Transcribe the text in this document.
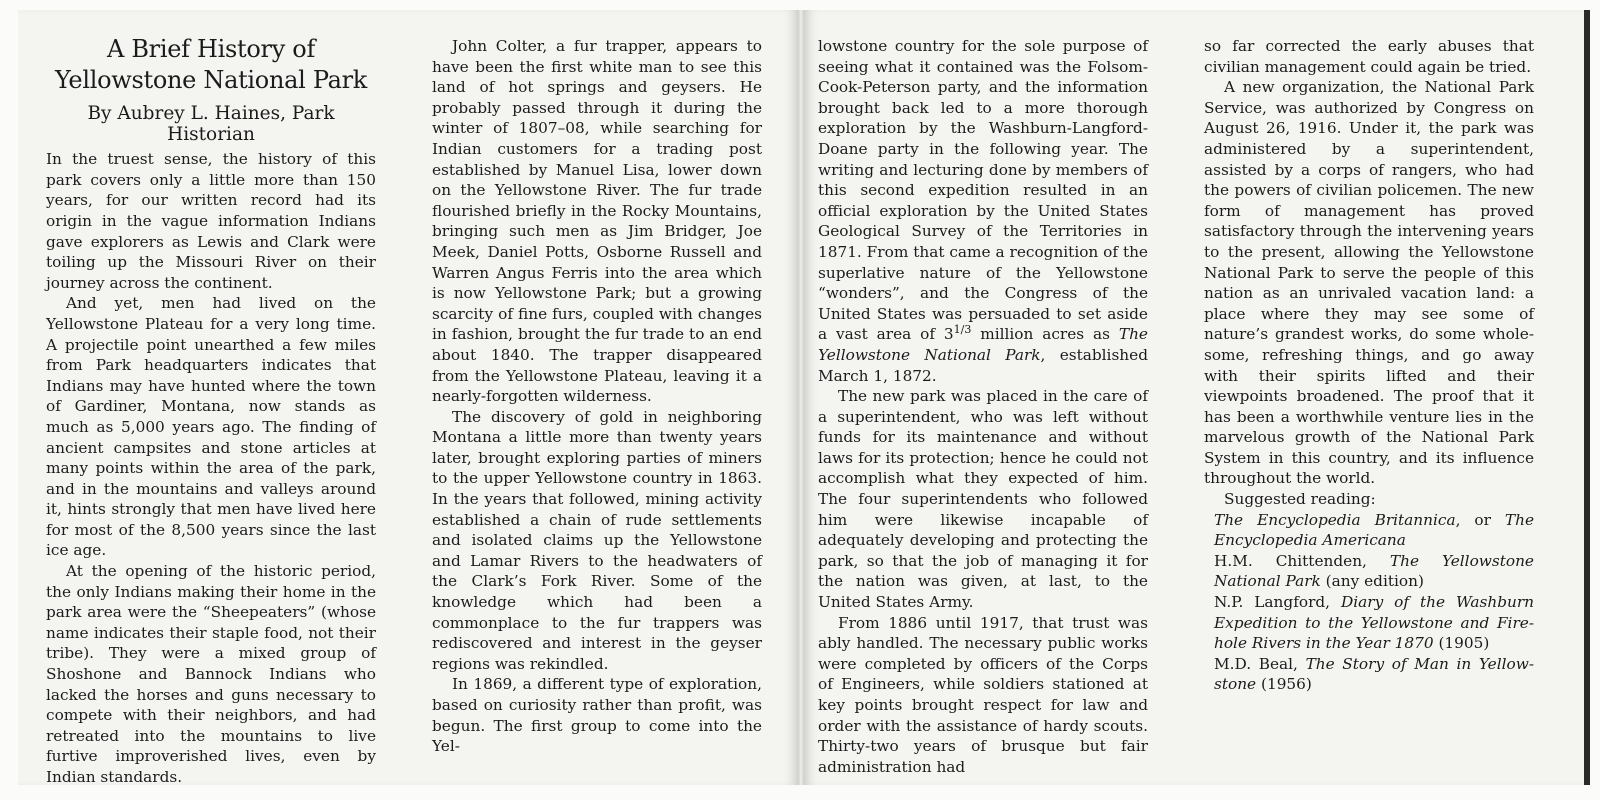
A Brief History of
Yellowstone National Park
By Aubrey L. Haines, Park Historian

In the truest sense, the history of this park covers only a little more than 150 years, for our written record had its origin in the vague information Indians gave explorers as Lewis and Clark were toiling up the Missouri River on their journey across the continent.

And yet, men had lived on the Yellowstone Plateau for a very long time. A projectile point unearthed a few miles from Park headquarters indicates that Indians may have hunted where the town of Gardiner, Montana, now stands as much as 5,000 years ago. The finding of ancient campsites and stone articles at many points within the area of the park, and in the mountains and valleys around it, hints strongly that men have lived here for most of the 8,500 years since the last ice age.

At the opening of the historic period, the only Indians making their home in the park area were the “Sheepeaters” (whose name indicates their staple food, not their tribe). They were a mixed group of Shoshone and Bannock Indians who lacked the horses and guns necessary to compete with their neighbors, and had retreated into the mountains to live furtive improverished lives, even by Indian standards.

John Colter, a fur trapper, appears to have been the first white man to see this land of hot springs and geysers. He probably passed through it during the winter of 1807–08, while searching for Indian customers for a trading post established by Manuel Lisa, lower down on the Yellowstone River. The fur trade flourished briefly in the Rocky Mountains, bringing such men as Jim Bridger, Joe Meek, Daniel Potts, Osborne Russell and Warren Angus Ferris into the area which is now Yellowstone Park; but a growing scarcity of fine furs, coupled with changes in fashion, brought the fur trade to an end about 1840. The trapper disappeared from the Yellowstone Plateau, leaving it a nearly-forgotten wilderness.

The discovery of gold in neighboring Montana a little more than twenty years later, brought exploring parties of miners to the upper Yellowstone country in 1863. In the years that followed, mining activity established a chain of rude settlements and isolated claims up the Yellowstone and Lamar Rivers to the headwaters of the Clark’s Fork River. Some of the knowledge which had been a commonplace to the fur trappers was rediscovered and interest in the geyser regions was rekindled.

In 1869, a different type of exploration, based on curiosity rather than profit, was begun. The first group to come into the Yel-

lowstone country for the sole purpose of seeing what it contained was the Folsom-Cook-Peterson party, and the information brought back led to a more thorough exploration by the Washburn-Langford-Doane party in the following year. The writing and lecturing done by members of this second expedition resulted in an official exploration by the United States Geological Survey of the Territories in 1871. From that came a recognition of the superlative nature of the Yellowstone “wonders”, and the Congress of the United States was persuaded to set aside a vast area of $3^{1/3}$ million acres as The Yellowstone National Park, established March 1, 1872.

The new park was placed in the care of a superintendent, who was left without funds for its maintenance and without laws for its protection; hence he could not accomplish what they expected of him. The four superintendents who followed him were likewise incapable of adequately developing and protecting the park, so that the job of managing it for the nation was given, at last, to the United States Army.

From 1886 until 1917, that trust was ably handled. The necessary public works were completed by officers of the Corps of Engineers, while soldiers stationed at key points brought respect for law and order with the assistance of hardy scouts. Thirty-two years of brusque but fair administration had

so far corrected the early abuses that civilian management could again be tried.

A new organization, the National Park Service, was authorized by Congress on August 26, 1916. Under it, the park was administered by a superintendent, assisted by a corps of rangers, who had the powers of civilian policemen. The new form of management has proved satisfactory through the intervening years to the present, allowing the Yellowstone National Park to serve the people of this nation as an unrivaled vacation land: a place where they may see some of nature’s grandest works, do some wholesome, refreshing things, and go away with their spirits lifted and their viewpoints broadened. The proof that it has been a worthwhile venture lies in the marvelous growth of the National Park System in this country, and its influence throughout the world.

Suggested reading:

The Encyclopedia Britannica, or The Encyclopedia Americana

H.M. Chittenden, The Yellowstone National Park (any edition)

N.P. Langford, Diary of the Washburn Expedition to the Yellowstone and Firehole Rivers in the Year 1870 (1905)

M.D. Beal, The Story of Man in Yellowstone (1956)
